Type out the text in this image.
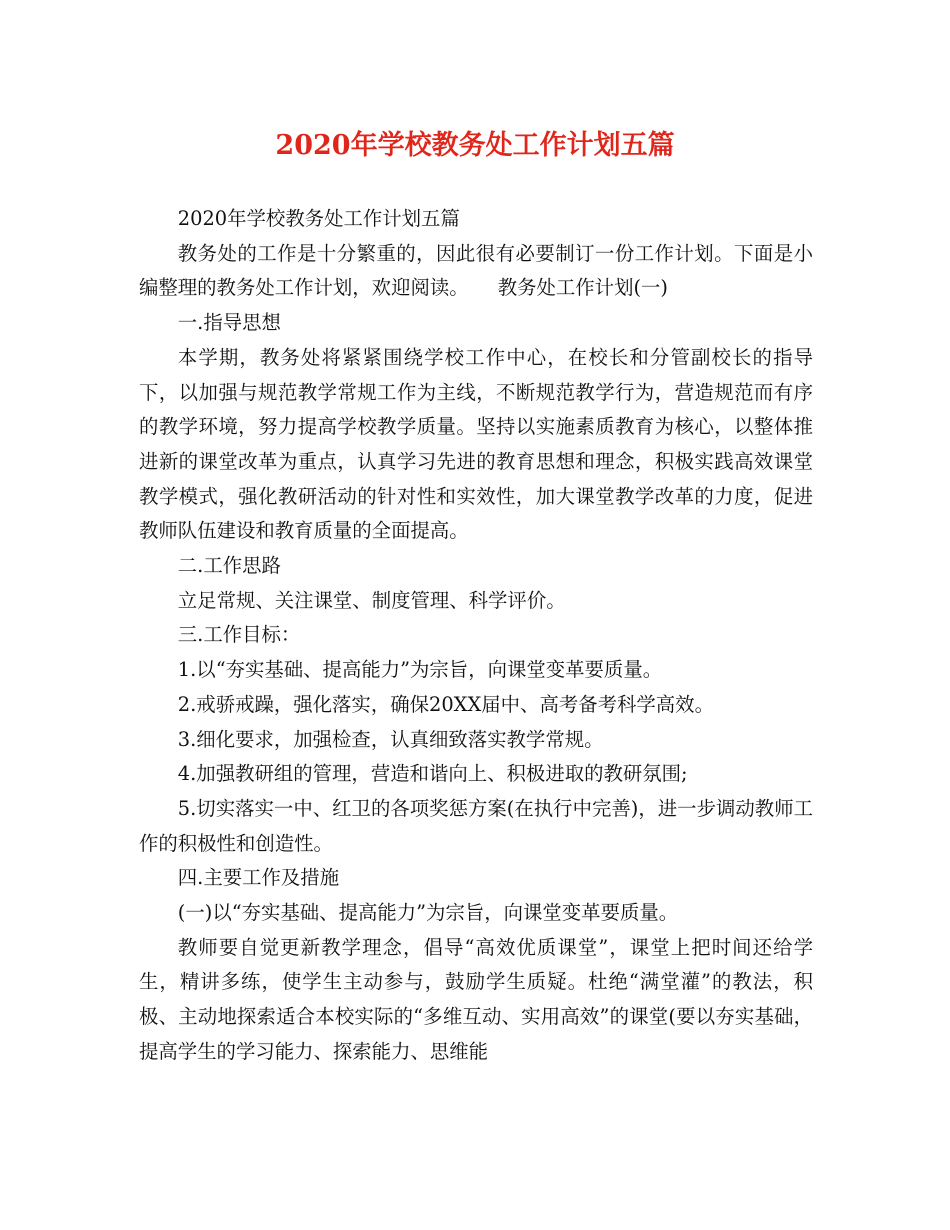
2020年学校教务处工作计划五篇

2020年学校教务处工作计划五篇

教务处的工作是十分繁重的，因此很有必要制订一份工作计划。下面是小编整理的教务处工作计划，欢迎阅读。　　教务处工作计划(一)

一.指导思想

本学期，教务处将紧紧围绕学校工作中心，在校长和分管副校长的指导下，以加强与规范教学常规工作为主线，不断规范教学行为，营造规范而有序的教学环境，努力提高学校教学质量。坚持以实施素质教育为核心，以整体推进新的课堂改革为重点，认真学习先进的教育思想和理念，积极实践高效课堂教学模式，强化教研活动的针对性和实效性，加大课堂教学改革的力度，促进教师队伍建设和教育质量的全面提高。

二.工作思路

立足常规、关注课堂、制度管理、科学评价。

三.工作目标：

1.以“夯实基础、提高能力”为宗旨，向课堂变革要质量。

2.戒骄戒躁，强化落实，确保20XX届中、高考备考科学高效。

3.细化要求，加强检查，认真细致落实教学常规。

4.加强教研组的管理，营造和谐向上、积极进取的教研氛围;

5.切实落实一中、红卫的各项奖惩方案(在执行中完善)，进一步调动教师工作的积极性和创造性。

四.主要工作及措施

(一)以“夯实基础、提高能力”为宗旨，向课堂变革要质量。

教师要自觉更新教学理念，倡导“高效优质课堂”，课堂上把时间还给学生，精讲多练，使学生主动参与，鼓励学生质疑。杜绝“满堂灌”的教法，积极、主动地探索适合本校实际的“多维互动、实用高效”的课堂(要以夯实基础，提高学生的学习能力、探索能力、思维能
